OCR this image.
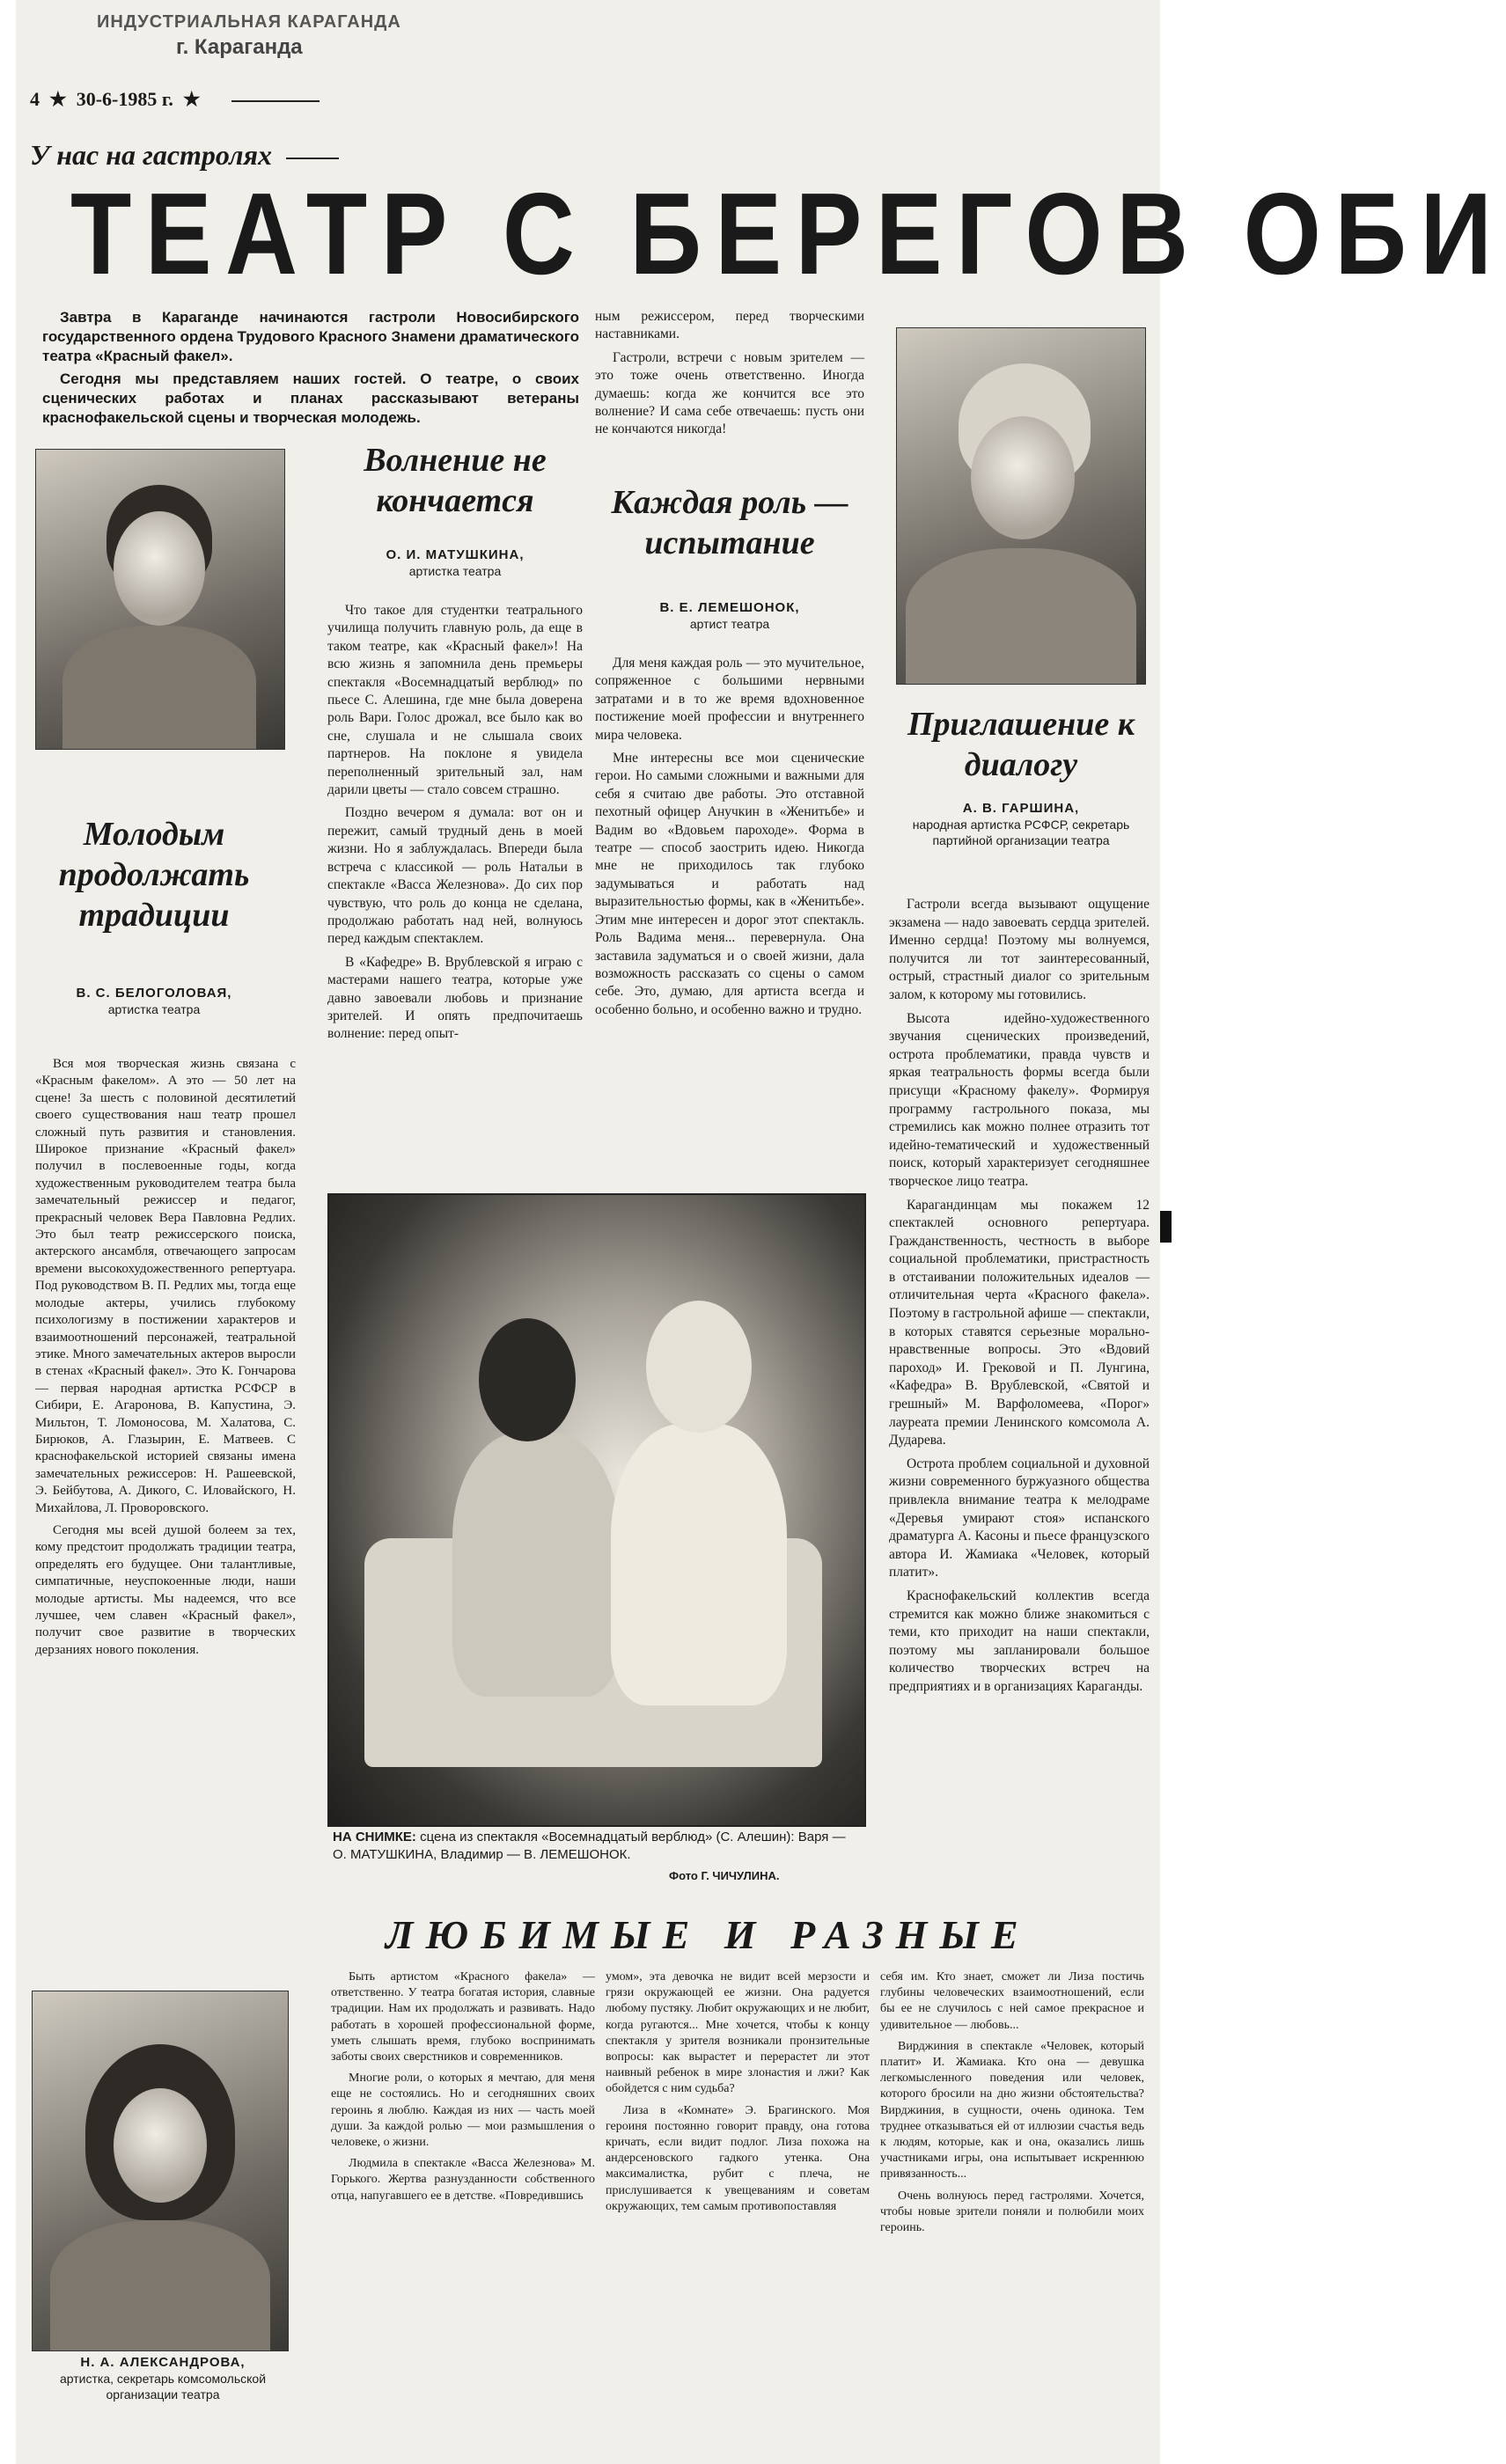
ИНДУСТРИАЛЬНАЯ КАРАГАНДА
г. Караганда
4  ★  30-6-1985 г.  ★
У нас на гастролях
ТЕАТР С БЕРЕГОВ ОБИ

Завтра в Караганде начинаются гастроли Новосибирского государственного ордена Трудового Красного Знамени драматического театра «Красный факел».

Сегодня мы представляем наших гостей. О театре, о своих сценических работах и планах рассказывают ветераны краснофакельской сцены и творческая молодежь.

Молодым продолжать традиции
В. С. БЕЛОГОЛОВАЯ,
артистка театра

Вся моя творческая жизнь связана с «Красным факелом». А это — 50 лет на сцене! За шесть с половиной десятилетий своего существования наш театр прошел сложный путь развития и становления. Широкое признание «Красный факел» получил в послевоенные годы, когда художественным руководителем театра была замечательный режиссер и педагог, прекрасный человек Вера Павловна Редлих. Это был театр режиссерского поиска, актерского ансамбля, отвечающего запросам времени высокохудожественного репертуара. Под руководством В. П. Редлих мы, тогда еще молодые актеры, учились глубокому психологизму в постижении характеров и взаимоотношений персонажей, театральной этике. Много замечательных актеров выросли в стенах «Красный факел». Это К. Гончарова — первая народная артистка РСФСР в Сибири, Е. Агаронова, В. Капустина, Э. Мильтон, Т. Ломоносова, М. Халатова, С. Бирюков, А. Глазырин, Е. Матвеев. С краснофакельской историей связаны имена замечательных режиссеров: Н. Рашеевской, Э. Бейбутова, А. Дикого, С. Иловайского, Н. Михайлова, Л. Проворовского.

Сегодня мы всей душой болеем за тех, кому предстоит продолжать традиции театра, определять его будущее. Они талантливые, симпатичные, неуспокоенные люди, наши молодые артисты. Мы надеемся, что все лучшее, чем славен «Красный факел», получит свое развитие в творческих дерзаниях нового поколения.

Н. А. АЛЕКСАНДРОВА,
артистка, секретарь комсомольской организации театра
Волнение не кончается
О. И. МАТУШКИНА,
артистка театра

Что такое для студентки театрального училища получить главную роль, да еще в таком театре, как «Красный факел»! На всю жизнь я запомнила день премьеры спектакля «Восемнадцатый верблюд» по пьесе С. Алешина, где мне была доверена роль Вари. Голос дрожал, все было как во сне, слушала и не слышала своих партнеров. На поклоне я увидела переполненный зрительный зал, нам дарили цветы — стало совсем страшно.

Поздно вечером я думала: вот он и пережит, самый трудный день в моей жизни. Но я заблуждалась. Впереди была встреча с классикой — роль Натальи в спектакле «Васса Железнова». До сих пор чувствую, что роль до конца не сделана, продолжаю работать над ней, волнуюсь перед каждым спектаклем.

В «Кафедре» В. Врублевской я играю с мастерами нашего театра, которые уже давно завоевали любовь и признание зрителей. И опять предпочитаешь волнение: перед опыт-

ным режиссером, перед творческими наставниками.

Гастроли, встречи с новым зрителем — это тоже очень ответственно. Иногда думаешь: когда же кончится все это волнение? И сама себе отвечаешь: пусть они не кончаются никогда!

Каждая роль — испытание
В. Е. ЛЕМЕШОНОК,
артист театра

Для меня каждая роль — это мучительное, сопряженное с большими нервными затратами и в то же время вдохновенное постижение моей профессии и внутреннего мира человека.

Мне интересны все мои сценические герои. Но самыми сложными и важными для себя я считаю две работы. Это отставной пехотный офицер Анучкин в «Женитьбе» и Вадим во «Вдовьем пароходе». Форма в театре — способ заострить идею. Никогда мне не приходилось так глубоко задумываться и работать над выразительностью формы, как в «Женитьбе». Этим мне интересен и дорог этот спектакль. Роль Вадима меня... перевернула. Она заставила задуматься и о своей жизни, дала возможность рассказать со сцены о самом себе. Это, думаю, для артиста всегда и особенно больно, и особенно важно и трудно.

Приглашение к диалогу
А. В. ГАРШИНА,
народная артистка РСФСР, секретарь партийной организации театра

Гастроли всегда вызывают ощущение экзамена — надо завоевать сердца зрителей. Именно сердца! Поэтому мы волнуемся, получится ли тот заинтересованный, острый, страстный диалог со зрительным залом, к которому мы готовились.

Высота идейно-художественного звучания сценических произведений, острота проблематики, правда чувств и яркая театральность формы всегда были присущи «Красному факелу». Формируя программу гастрольного показа, мы стремились как можно полнее отразить тот идейно-тематический и художественный поиск, который характеризует сегодняшнее творческое лицо театра.

Карагандинцам мы покажем 12 спектаклей основного репертуара. Гражданственность, честность в выборе социальной проблематики, пристрастность в отстаивании положительных идеалов — отличительная черта «Красного факела». Поэтому в гастрольной афише — спектакли, в которых ставятся серьезные морально-нравственные вопросы. Это «Вдовий пароход» И. Грековой и П. Лунгина, «Кафедра» В. Врублевской, «Святой и грешный» М. Варфоломеева, «Порог» лауреата премии Ленинского комсомола А. Дударева.

Острота проблем социальной и духовной жизни современного буржуазного общества привлекла внимание театра к мелодраме «Деревья умирают стоя» испанского драматурга А. Касоны и пьесе французского автора И. Жамиака «Человек, который платит».

Краснофакельский коллектив всегда стремится как можно ближе знакомиться с теми, кто приходит на наши спектакли, поэтому мы запланировали большое количество творческих встреч на предприятиях и в организациях Караганды.

НА СНИМКЕ: сцена из спектакля «Восемнадцатый верблюд» (С. Алешин): Варя — О. МАТУШКИНА, Владимир — В. ЛЕМЕШОНОК.
Фото Г. ЧИЧУЛИНА.
ЛЮБИМЫЕ И РАЗНЫЕ

Быть артистом «Красного факела» — ответственно. У театра богатая история, славные традиции. Нам их продолжать и развивать. Надо работать в хорошей профессиональной форме, уметь слышать время, глубоко воспринимать заботы своих сверстников и современников.

Многие роли, о которых я мечтаю, для меня еще не состоялись. Но и сегодняшних своих героинь я люблю. Каждая из них — часть моей души. За каждой ролью — мои размышления о человеке, о жизни.

Людмила в спектакле «Васса Железнова» М. Горького. Жертва разнузданности собственного отца, напугавшего ее в детстве. «Повредившись

умом», эта девочка не видит всей мерзости и грязи окружающей ее жизни. Она радуется любому пустяку. Любит окружающих и не любит, когда ругаются... Мне хочется, чтобы к концу спектакля у зрителя возникали пронзительные вопросы: как вырастет и перерастет ли этот наивный ребенок в мире злонастия и лжи? Как обойдется с ним судьба?

Лиза в «Комнате» Э. Брагинского. Моя героиня постоянно говорит правду, она готова кричать, если видит подлог. Лиза похожа на андерсеновского гадкого утенка. Она максималистка, рубит с плеча, не прислушивается к увещеваниям и советам окружающих, тем самым противопоставляя

себя им. Кто знает, сможет ли Лиза постичь глубины человеческих взаимоотношений, если бы ее не случилось с ней самое прекрасное и удивительное — любовь...

Вирджиния в спектакле «Человек, который платит» И. Жамиака. Кто она — девушка легкомысленного поведения или человек, которого бросили на дно жизни обстоятельства? Вирджиния, в сущности, очень одинока. Тем труднее отказываться ей от иллюзии счастья ведь к людям, которые, как и она, оказались лишь участниками игры, она испытывает искреннюю привязанность...

Очень волнуюсь перед гастролями. Хочется, чтобы новые зрители поняли и полюбили моих героинь.
